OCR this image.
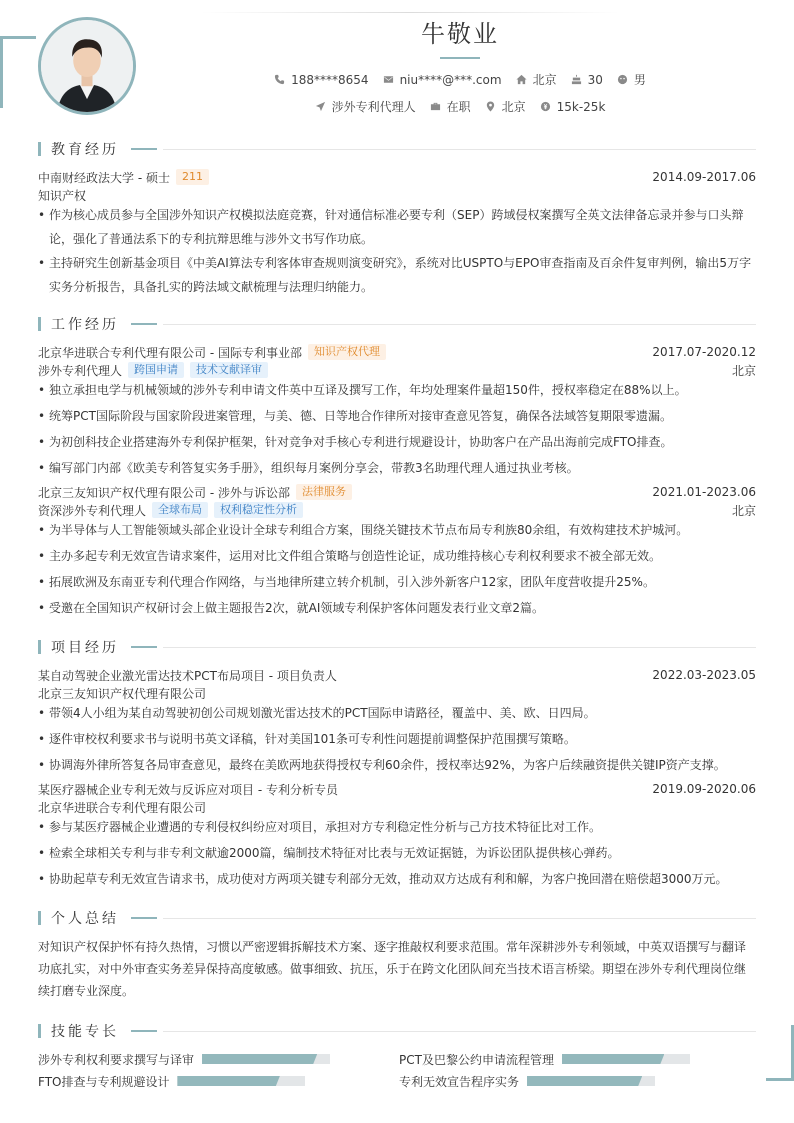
牛敬业
188****8654	niu****@***.com	北京	30	男
涉外专利代理人	在职	北京	15k-25k
教育经历
中南财经政法大学 - 硕士	211	2014.09-2017.06
知识产权
• 作为核心成员参与全国涉外知识产权模拟法庭竞赛，针对通信标准必要专利（SEP）跨域侵权案撰写全英文法律备忘录并参与口头辩论，强化了普通法系下的专利抗辩思维与涉外文书写作功底。
• 主持研究生创新基金项目《中美AI算法专利客体审查规则演变研究》，系统对比USPTO与EPO审查指南及百余件复审判例，输出5万字实务分析报告，具备扎实的跨法域文献梳理与法理归纳能力。
工作经历
北京华进联合专利代理有限公司 - 国际专利事业部	知识产权代理	2017.07-2020.12
涉外专利代理人	跨国申请	技术文献译审	北京
• 独立承担电学与机械领域的涉外专利申请文件英中互译及撰写工作，年均处理案件量超150件，授权率稳定在88%以上。
• 统筹PCT国际阶段与国家阶段进案管理，与美、德、日等地合作律所对接审查意见答复，确保各法域答复期限零遗漏。
• 为初创科技企业搭建海外专利保护框架，针对竞争对手核心专利进行规避设计，协助客户在产品出海前完成FTO排查。
• 编写部门内部《欧美专利答复实务手册》，组织每月案例分享会，带教3名助理代理人通过执业考核。
北京三友知识产权代理有限公司 - 涉外与诉讼部	法律服务	2021.01-2023.06
资深涉外专利代理人	全球布局	权利稳定性分析	北京
• 为半导体与人工智能领域头部企业设计全球专利组合方案，围绕关键技术节点布局专利族80余组，有效构建技术护城河。
• 主办多起专利无效宣告请求案件，运用对比文件组合策略与创造性论证，成功维持核心专利权利要求不被全部无效。
• 拓展欧洲及东南亚专利代理合作网络，与当地律所建立转介机制，引入涉外新客户12家，团队年度营收提升25%。
• 受邀在全国知识产权研讨会上做主题报告2次，就AI领域专利保护客体问题发表行业文章2篇。
项目经历
某自动驾驶企业激光雷达技术PCT布局项目 - 项目负责人	2022.03-2023.05
北京三友知识产权代理有限公司
• 带领4人小组为某自动驾驶初创公司规划激光雷达技术的PCT国际申请路径，覆盖中、美、欧、日四局。
• 逐件审校权利要求书与说明书英文译稿，针对美国101条可专利性问题提前调整保护范围撰写策略。
• 协调海外律所答复各局审查意见，最终在美欧两地获得授权专利60余件，授权率达92%，为客户后续融资提供关键IP资产支撑。
某医疗器械企业专利无效与反诉应对项目 - 专利分析专员	2019.09-2020.06
北京华进联合专利代理有限公司
• 参与某医疗器械企业遭遇的专利侵权纠纷应对项目，承担对方专利稳定性分析与己方技术特征比对工作。
• 检索全球相关专利与非专利文献逾2000篇，编制技术特征对比表与无效证据链，为诉讼团队提供核心弹药。
• 协助起草专利无效宣告请求书，成功使对方两项关键专利部分无效，推动双方达成有利和解，为客户挽回潜在赔偿超3000万元。
个人总结
对知识产权保护怀有持久热情，习惯以严密逻辑拆解技术方案、逐字推敲权利要求范围。常年深耕涉外专利领域，中英双语撰写与翻译功底扎实，对中外审查实务差异保持高度敏感。做事细致、抗压，乐于在跨文化团队间充当技术语言桥梁。期望在涉外专利代理岗位继续打磨专业深度。
技能专长
涉外专利权利要求撰写与译审	PCT及巴黎公约申请流程管理
FTO排查与专利规避设计	专利无效宣告程序实务
